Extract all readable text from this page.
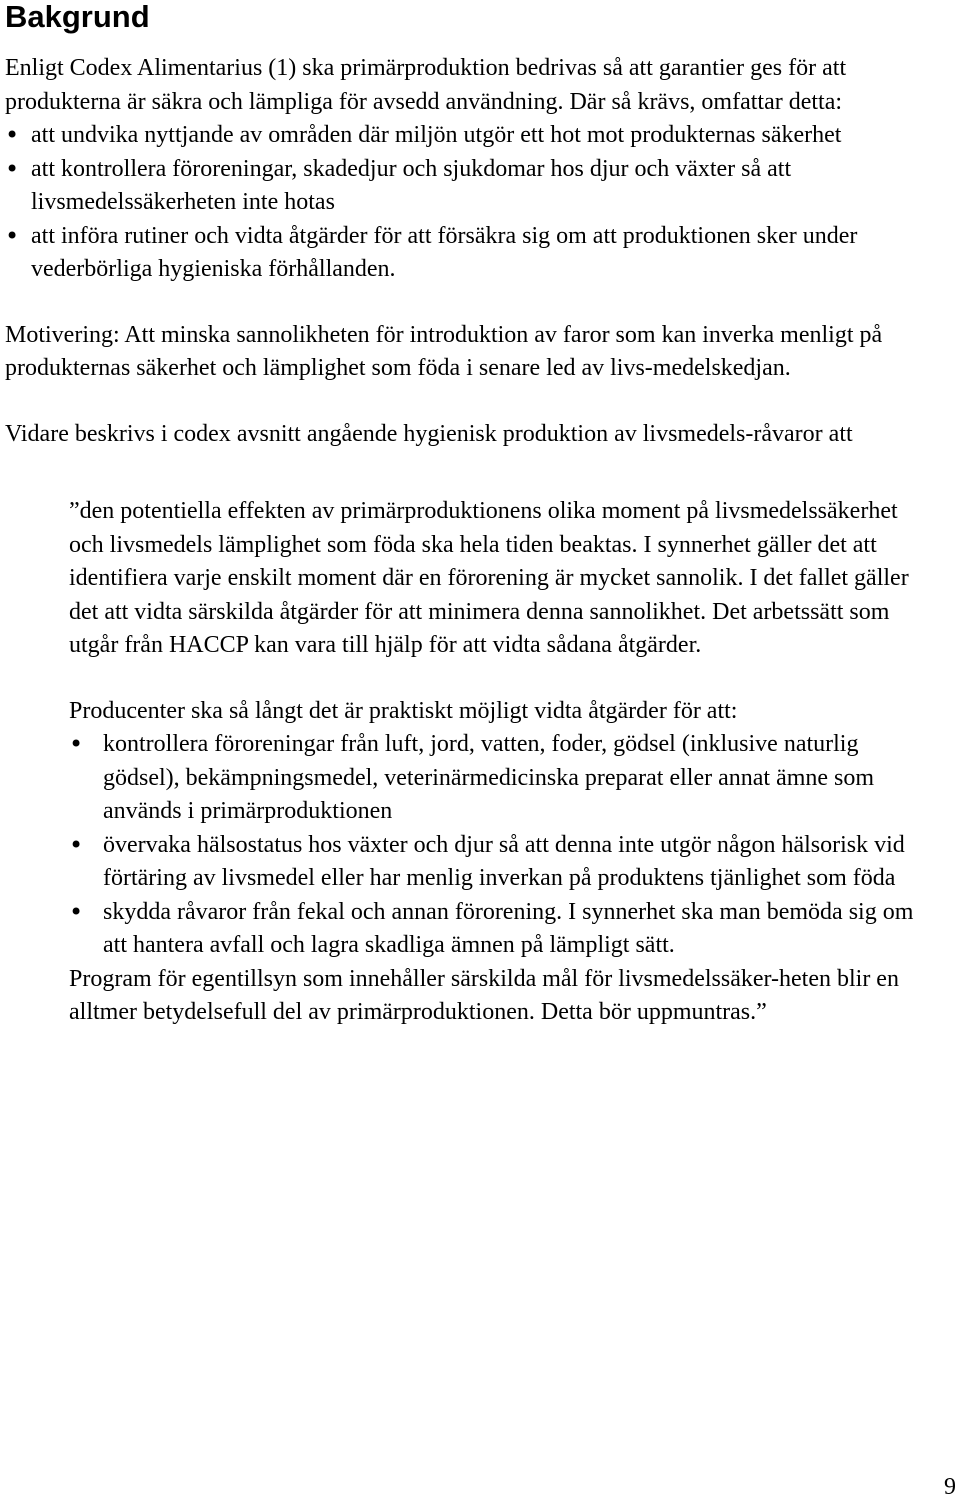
Bakgrund

Enligt Codex Alimentarius (1) ska primärproduktion bedrivas så att garantier ges för att produkterna är säkra och lämpliga för avsedd användning. Där så krävs, omfattar detta:

• att undvika nyttjande av områden där miljön utgör ett hot mot produkternas säkerhet
• att kontrollera föroreningar, skadedjur och sjukdomar hos djur och växter så att livsmedelssäkerheten inte hotas
• att införa rutiner och vidta åtgärder för att försäkra sig om att produktionen sker under vederbörliga hygieniska förhållanden.

Motivering: Att minska sannolikheten för introduktion av faror som kan inverka menligt på produkternas säkerhet och lämplighet som föda i senare led av livs-medelskedjan.

Vidare beskrivs i codex avsnitt angående hygienisk produktion av livsmedels-råvaror att

”den potentiella effekten av primärproduktionens olika moment på livsmedelssäkerhet och livsmedels lämplighet som föda ska hela tiden beaktas. I synnerhet gäller det att identifiera varje enskilt moment där en förorening är mycket sannolik. I det fallet gäller det att vidta särskilda åtgärder för att minimera denna sannolikhet. Det arbetssätt som utgår från HACCP kan vara till hjälp för att vidta sådana åtgärder.

Producenter ska så långt det är praktiskt möjligt vidta åtgärder för att:

• kontrollera föroreningar från luft, jord, vatten, foder, gödsel (inklusive naturlig gödsel), bekämpningsmedel, veterinärmedicinska preparat eller annat ämne som används i primärproduktionen
• övervaka hälsostatus hos växter och djur så att denna inte utgör någon hälsorisk vid förtäring av livsmedel eller har menlig inverkan på produktens tjänlighet som föda
• skydda råvaror från fekal och annan förorening. I synnerhet ska man bemöda sig om att hantera avfall och lagra skadliga ämnen på lämpligt sätt.

Program för egentillsyn som innehåller särskilda mål för livsmedelssäker-heten blir en alltmer betydelsefull del av primärproduktionen. Detta bör uppmuntras.”

9
